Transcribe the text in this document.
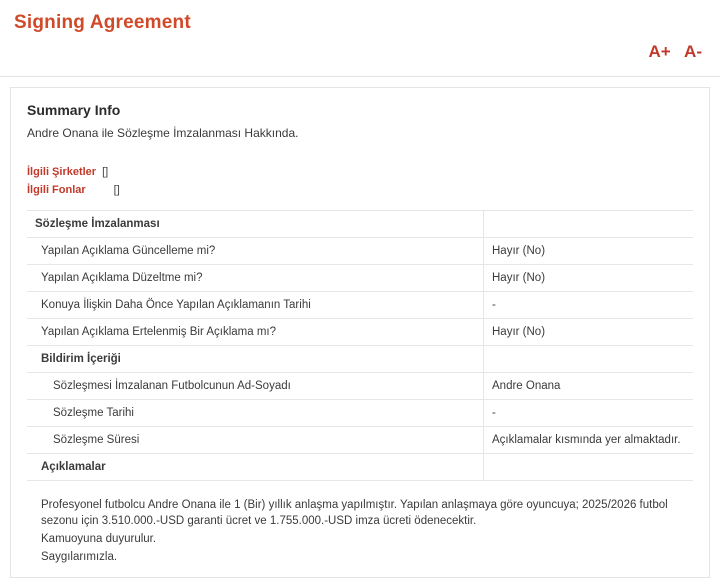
Signing Agreement
A+ A-
Summary Info
Andre Onana ile Sözleşme İmzalanması Hakkında.
İlgili Şirketler []
İlgili Fonlar	[]
Sözleşme İmzalanması	
Yapılan Açıklama Güncelleme mi?	Hayır (No)
Yapılan Açıklama Düzeltme mi?	Hayır (No)
Konuya İlişkin Daha Önce Yapılan Açıklamanın Tarihi	-
Yapılan Açıklama Ertelenmiş Bir Açıklama mı?	Hayır (No)
Bildirim İçeriği	
Sözleşmesi İmzalanan Futbolcunun Ad-Soyadı	Andre Onana
Sözleşme Tarihi	-
Sözleşme Süresi	Açıklamalar kısmında yer almaktadır.
Açıklamalar	

Profesyonel futbolcu Andre Onana ile 1 (Bir) yıllık anlaşma yapılmıştır. Yapılan anlaşmaya göre oyuncuya; 2025/2026 futbol sezonu için 3.510.000.-USD garanti ücret ve 1.755.000.-USD imza ücreti ödenecektir.

Kamuoyuna duyurulur.

Saygılarımızla.
